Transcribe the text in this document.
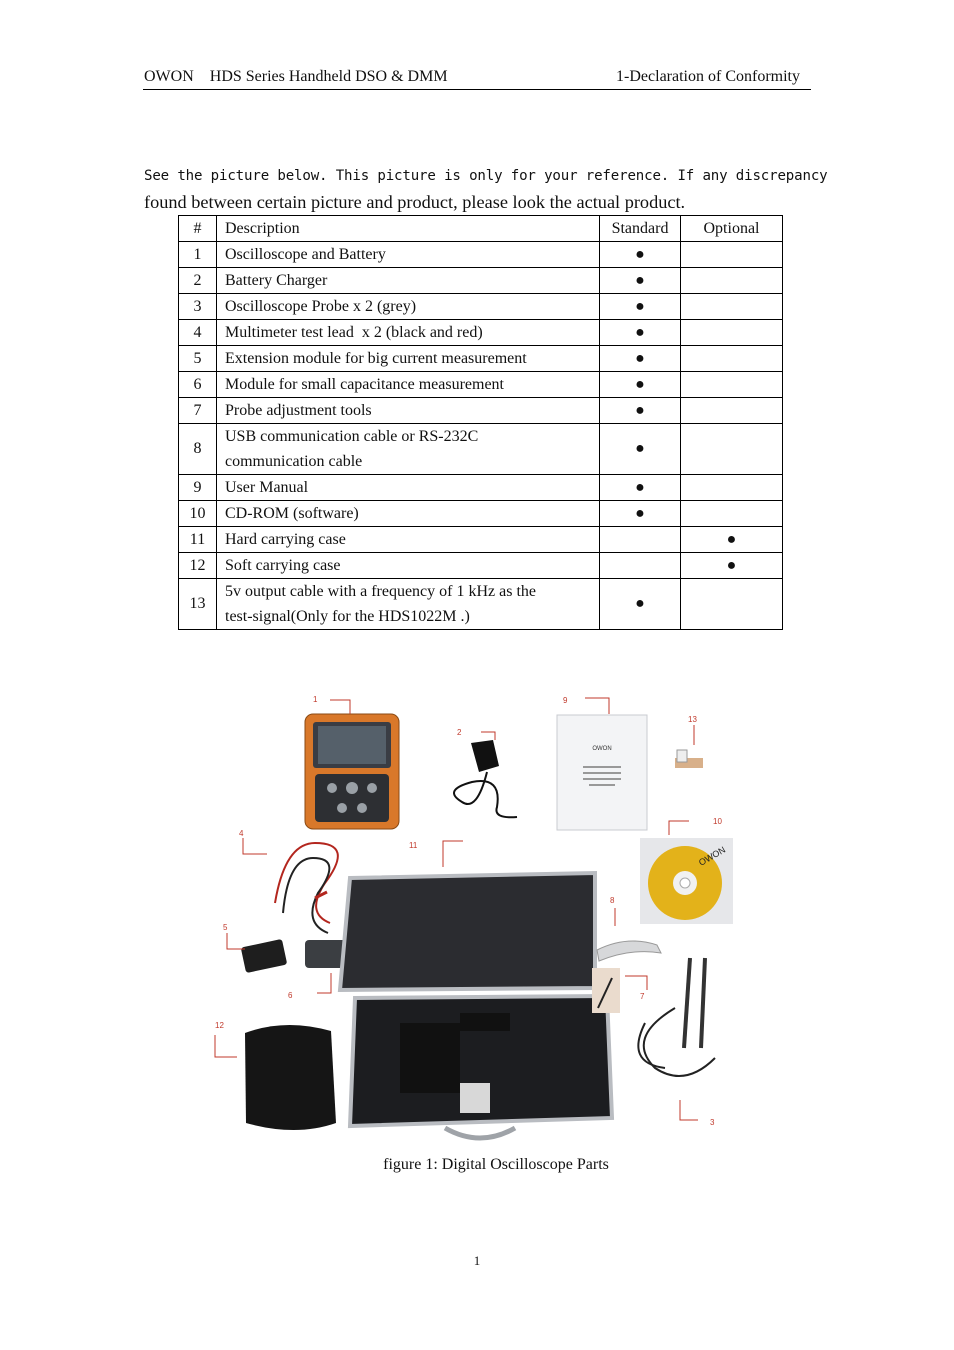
OWON    HDS Series Handheld DSO & DMM	1-Declaration of Conformity
See the picture below. This picture is only for your reference. If any discrepancy
found between certain picture and product, please look the actual product.
#	Description	Standard	Optional
1	Oscilloscope and Battery	●	
2	Battery Charger	●	
3	Oscilloscope Probe x 2 (grey)	●	
4	Multimeter test lead  x 2 (black and red)	●	
5	Extension module for big current measurement	●	
6	Module for small capacitance measurement	●	
7	Probe adjustment tools	●	
8	USB communication cable or RS-232C
communication cable	●	
9	User Manual	●	
10	CD-ROM (software)	●	
11	Hard carrying case		●
12	Soft carrying case		●
13	5v output cable with a frequency of 1 kHz as the
test-signal(Only for the HDS1022M .)	●	
OWON
OWON
1
2
3
4
5
6	7
8
9
10
11
12
13
figure 1: Digital Oscilloscope Parts
1
